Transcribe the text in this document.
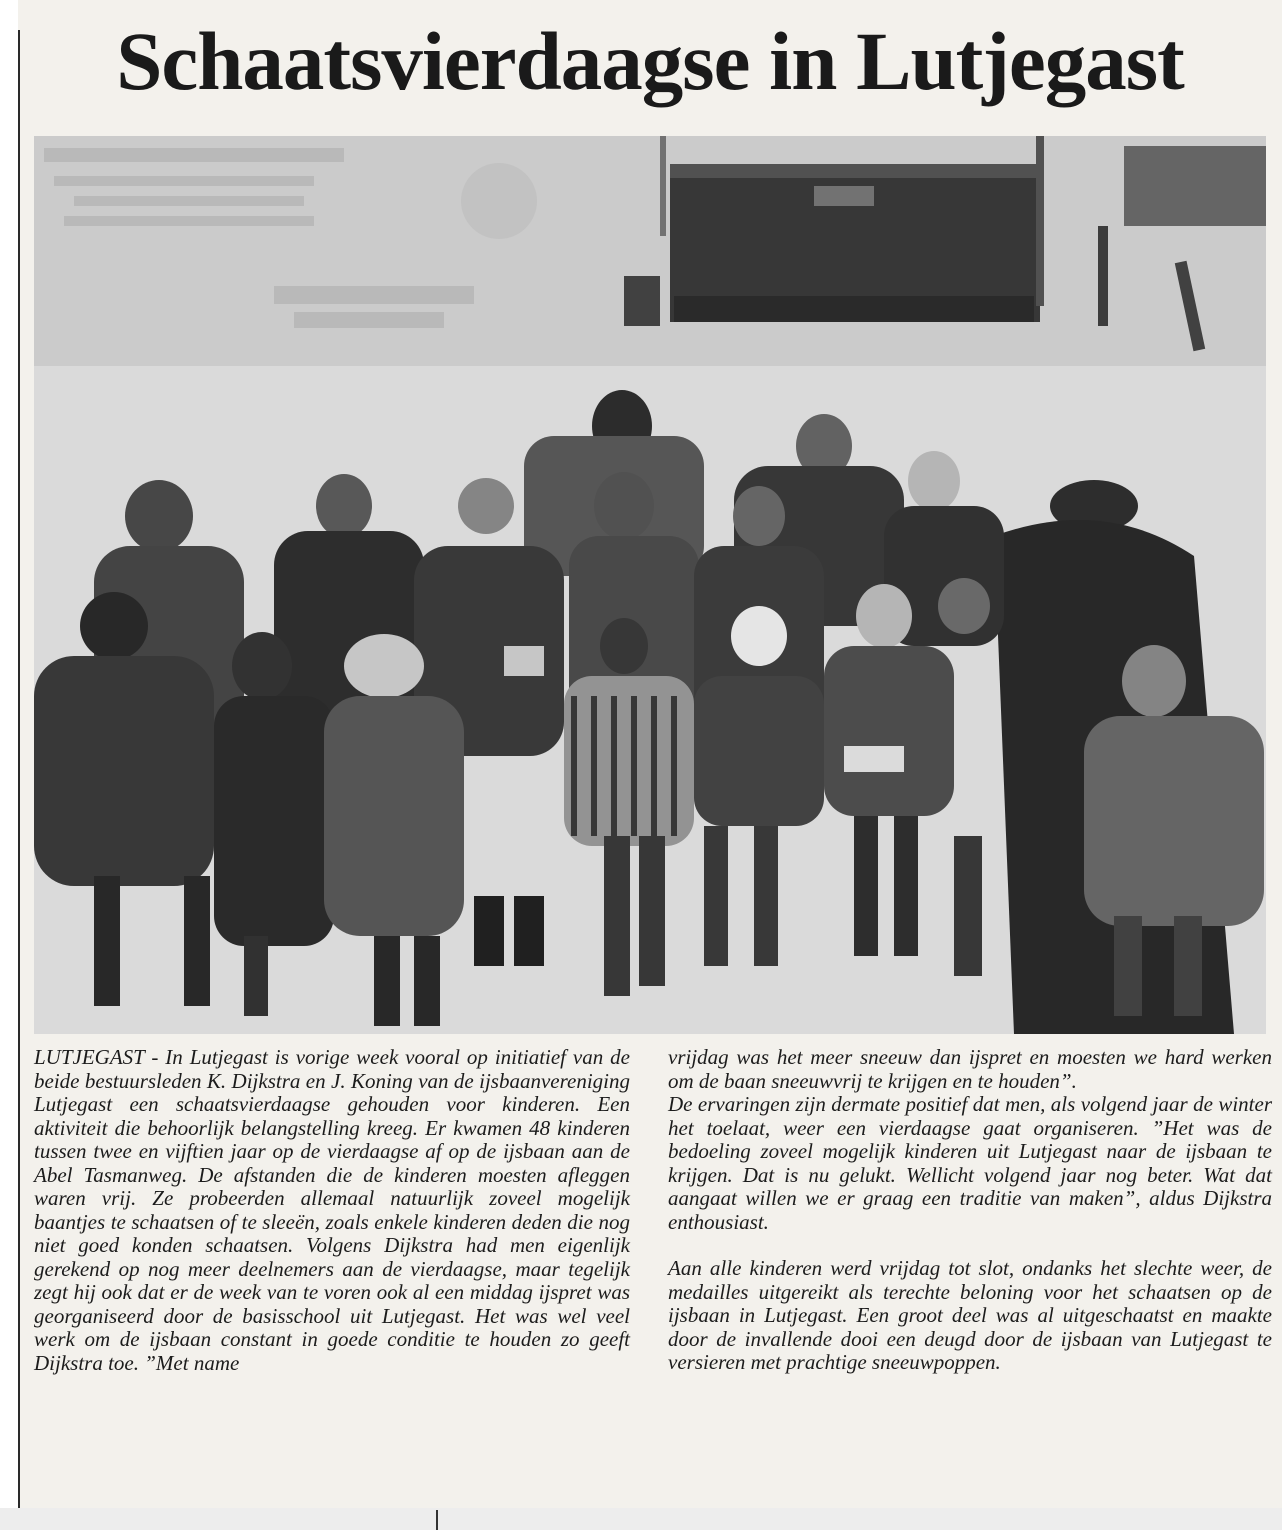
Schaatsvierdaagse in Lutjegast

LUTJEGAST - In Lutjegast is vorige week vooral op initiatief van de beide bestuursleden K. Dijkstra en J. Koning van de ijsbaanvereniging Lutjegast een schaatsvierdaagse gehouden voor kinderen. Een aktiviteit die behoorlijk belangstelling kreeg. Er kwamen 48 kinderen tussen twee en vijftien jaar op de vierdaagse af op de ijsbaan aan de Abel Tasmanweg. De afstanden die de kinderen moesten afleggen waren vrij. Ze probeerden allemaal natuurlijk zoveel mogelijk baantjes te schaatsen of te sleeën, zoals enkele kinderen deden die nog niet goed konden schaatsen. Volgens Dijkstra had men eigenlijk gerekend op nog meer deelnemers aan de vierdaagse, maar tegelijk zegt hij ook dat er de week van te voren ook al een middag ijspret was georganiseerd door de basisschool uit Lutjegast. Het was wel veel werk om de ijsbaan constant in goede conditie te houden zo geeft Dijkstra toe. ”Met name

vrijdag was het meer sneeuw dan ijspret en moesten we hard werken om de baan sneeuwvrij te krijgen en te houden”.

De ervaringen zijn dermate positief dat men, als volgend jaar de winter het toelaat, weer een vierdaagse gaat organiseren. ”Het was de bedoeling zoveel mogelijk kinderen uit Lutjegast naar de ijsbaan te krijgen. Dat is nu gelukt. Wellicht volgend jaar nog beter. Wat dat aangaat willen we er graag een traditie van maken”, aldus Dijkstra enthousiast.

Aan alle kinderen werd vrijdag tot slot, ondanks het slechte weer, de medailles uitgereikt als terechte beloning voor het schaatsen op de ijsbaan in Lutjegast. Een groot deel was al uitgeschaatst en maakte door de invallende dooi een deugd door de ijsbaan van Lutjegast te versieren met prachtige sneeuwpoppen.
